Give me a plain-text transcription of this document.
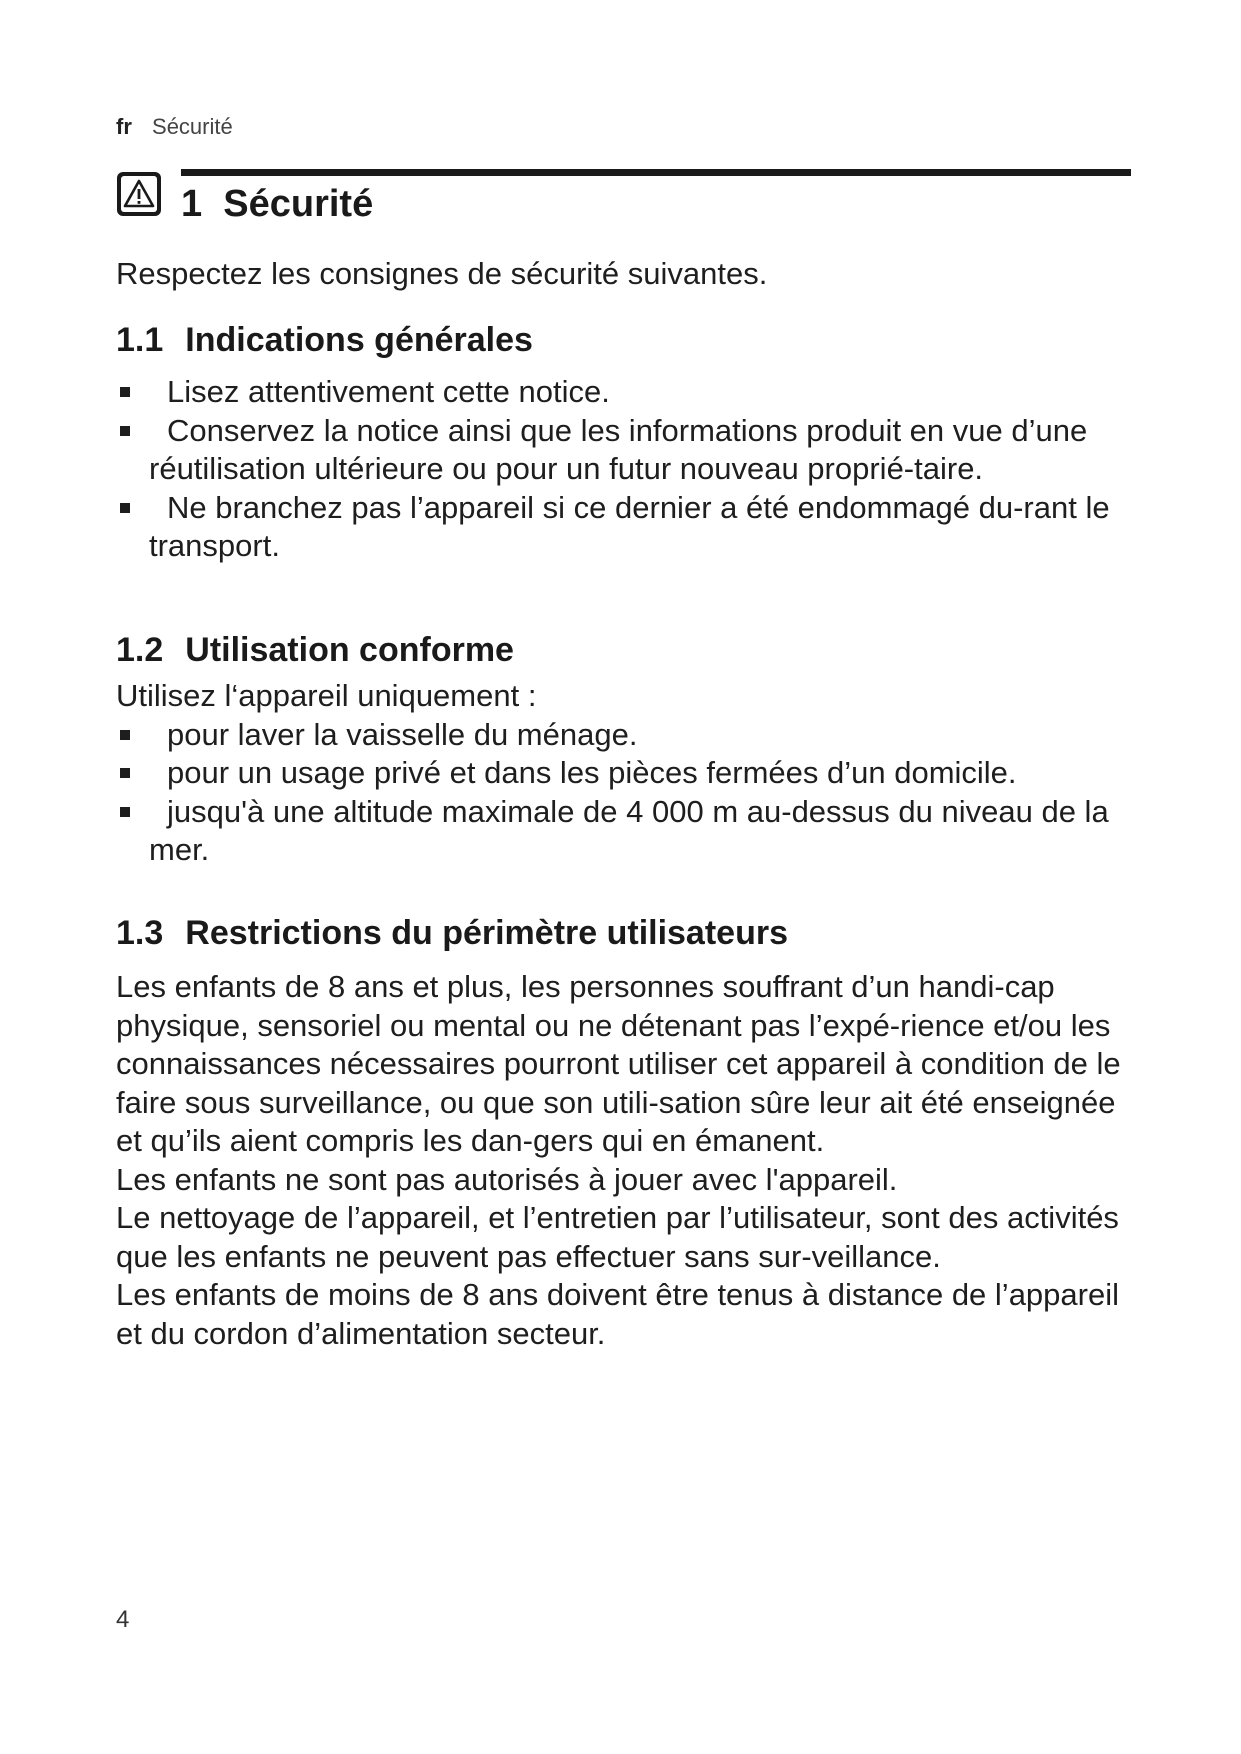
fr Sécurité
1 Sécurité

Respectez les consignes de sécurité suivantes.

1.1 Indications générales
Lisez attentivement cette notice.
Conservez la notice ainsi que les informations produit en vue d’une réutilisation ultérieure ou pour un futur nouveau proprié-taire.
Ne branchez pas l’appareil si ce dernier a été endommagé du-rant le transport.
1.2 Utilisation conforme

Utilisez l‘appareil uniquement :

pour laver la vaisselle du ménage.
pour un usage privé et dans les pièces fermées d’un domicile.
jusqu'à une altitude maximale de 4 000 m au-dessus du niveau de la mer.
1.3 Restrictions du périmètre utilisateurs

Les enfants de 8 ans et plus, les personnes souffrant d’un handi-cap physique, sensoriel ou mental ou ne détenant pas l’expé-rience et/ou les connaissances nécessaires pourront utiliser cet appareil à condition de le faire sous surveillance, ou que son utili-sation sûre leur ait été enseignée et qu’ils aient compris les dan-gers qui en émanent.

Les enfants ne sont pas autorisés à jouer avec l'appareil.

Le nettoyage de l’appareil, et l’entretien par l’utilisateur, sont des activités que les enfants ne peuvent pas effectuer sans sur-veillance.

Les enfants de moins de 8 ans doivent être tenus à distance de l’appareil et du cordon d’alimentation secteur.

4
